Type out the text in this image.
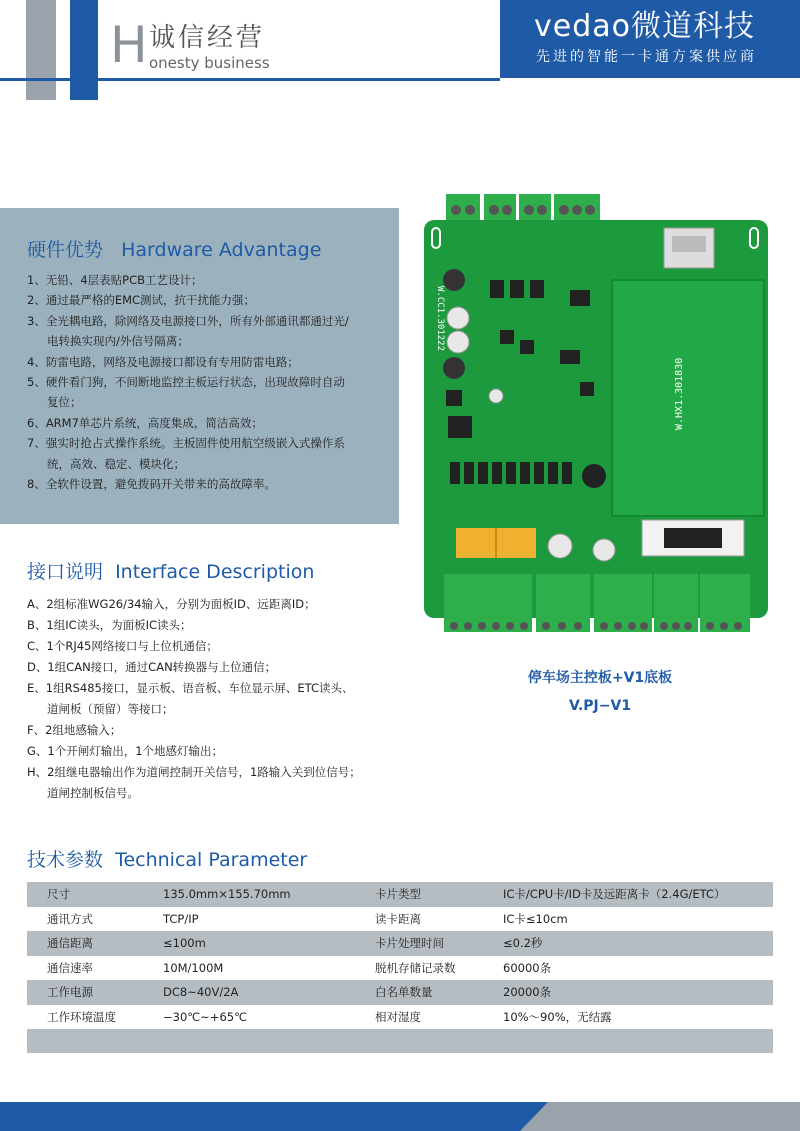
H 诚信经营
onesty business
vedao微道科技
先进的智能一卡通方案供应商
硬件优势   Hardware Advantage
1、无铅、4层表贴PCB工艺设计；
2、通过最严格的EMC测试，抗干扰能力强；
3、全光耦电路，除网络及电源接口外，所有外部通讯都通过光/
电转换实现内/外信号隔离；
4、防雷电路，网络及电源接口都设有专用防雷电路；
5、硬件看门狗，不间断地监控主板运行状态，出现故障时自动
复位；
6、ARM7单芯片系统，高度集成，简洁高效；
7、强实时抢占式操作系统。主板固件使用航空级嵌入式操作系
统，高效、稳定、模块化；
8、全软件设置，避免拨码开关带来的高故障率。
接口说明  Interface Description
A、2组标准WG26/34输入，分别为面板ID、远距离ID；
B、1组IC读头，为面板IC读头；
C、1个RJ45网络接口与上位机通信；
D、1组CAN接口，通过CAN转换器与上位通信；
E、1组RS485接口，显示板、语音板、车位显示屏、ETC读头、
道闸板（预留）等接口；
F、2组地感输入；
G、1个开闸灯输出，1个地感灯输出；
H、2组继电器输出作为道闸控制开关信号，1路输入关到位信号；
道闸控制板信号。
W.CC1.301222
W.HX1.301830
停车场主控板+V1底板
V.PJ−V1
技术参数  Technical Parameter
尺寸	135.0mm×155.70mm	卡片类型	IC卡/CPU卡/ID卡及远距离卡（2.4G/ETC）
通讯方式	TCP/IP	读卡距离	IC卡≤10cm
通信距离	≤100m	卡片处理时间	≤0.2秒
通信速率	10M/100M	脱机存储记录数	60000条
工作电源	DC8~40V/2A	白名单数量	20000条
工作环境温度	−30℃~+65℃	相对湿度	10%～90%，无结露
